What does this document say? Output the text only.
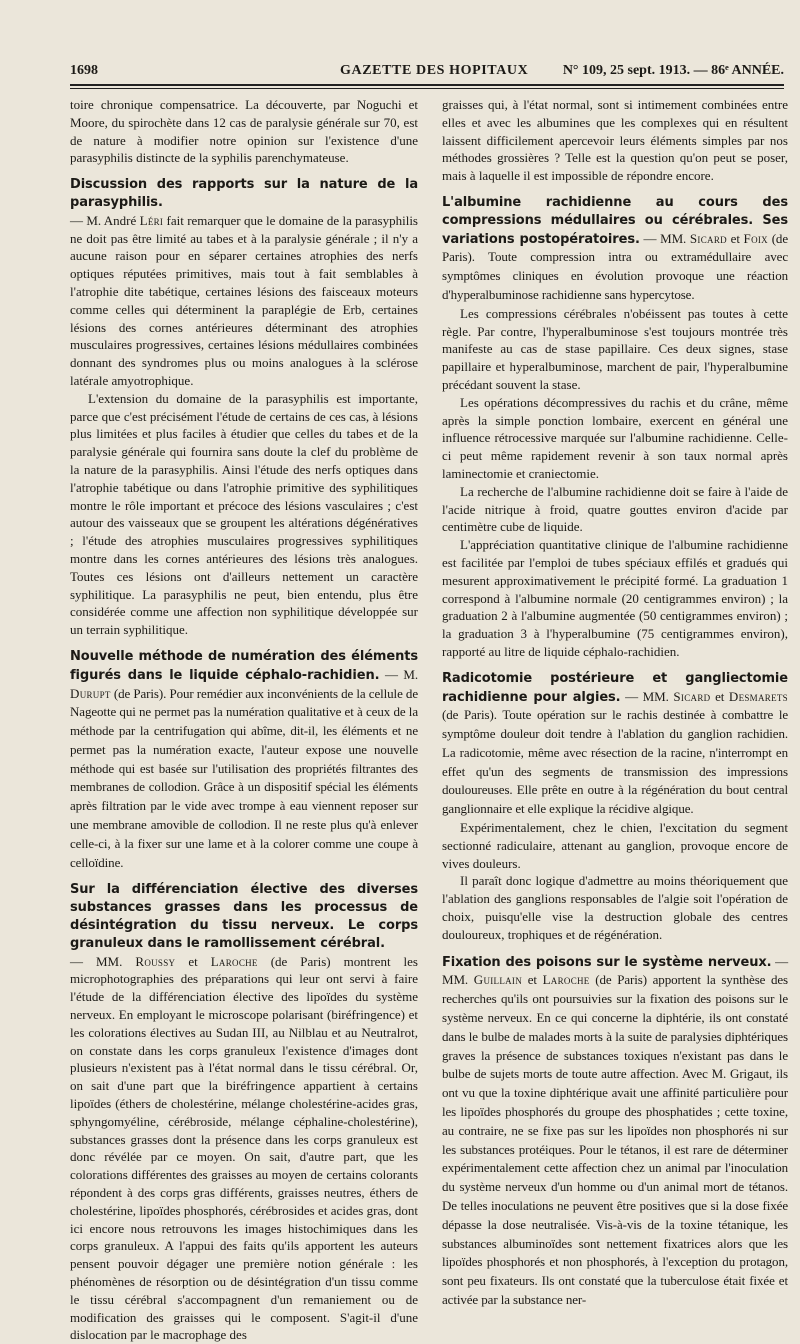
1698	GAZETTE DES HOPITAUX N° 109, 25 sept. 1913. — 86ᵉ ANNÉE.

toire chronique compensatrice. La découverte, par Noguchi et Moore, du spirochète dans 12 cas de paralysie générale sur 70, est de nature à modifier notre opinion sur l'existence d'une parasyphilis distincte de la syphilis parenchymateuse.

Discussion des rapports sur la nature de la parasyphilis.

— M. André Léri fait remarquer que le domaine de la parasyphilis ne doit pas être limité au tabes et à la paralysie générale ; il n'y a aucune raison pour en séparer certaines atrophies des nerfs optiques réputées primitives, mais tout à fait semblables à l'atrophie dite tabétique, certaines lésions des faisceaux moteurs comme celles qui déterminent la paraplégie de Erb, certaines lésions des cornes antérieures déterminant des atrophies musculaires progressives, certaines lésions médullaires combinées donnant des syndromes plus ou moins analogues à la sclérose latérale amyotrophique.

L'extension du domaine de la parasyphilis est importante, parce que c'est précisément l'étude de certains de ces cas, à lésions plus limitées et plus faciles à étudier que celles du tabes et de la paralysie générale qui fournira sans doute la clef du problème de la nature de la parasyphilis. Ainsi l'étude des nerfs optiques dans l'atrophie tabétique ou dans l'atrophie primitive des syphilitiques montre le rôle important et précoce des lésions vasculaires ; c'est autour des vaisseaux que se groupent les altérations dégénératives ; l'étude des atrophies musculaires progressives syphilitiques montre dans les cornes antérieures des lésions très analogues. Toutes ces lésions ont d'ailleurs nettement un caractère syphilitique. La parasyphilis ne peut, bien entendu, plus être considérée comme une affection non syphilitique développée sur un terrain syphilitique.

Nouvelle méthode de numération des éléments figurés dans le liquide céphalo-rachidien. — M. Durupt (de Paris). Pour remédier aux inconvénients de la cellule de Nageotte qui ne permet pas la numération qualitative et à ceux de la méthode par la centrifugation qui abîme, dit-il, les éléments et ne permet pas la numération exacte, l'auteur expose une nouvelle méthode qui est basée sur l'utilisation des propriétés filtrantes des membranes de collodion. Grâce à un dispositif spécial les éléments après filtration par le vide avec trompe à eau viennent reposer sur une membrane amovible de collodion. Il ne reste plus qu'à enlever celle-ci, à la fixer sur une lame et à la colorer comme une coupe à celloïdine.
Sur la différenciation élective des diverses substances grasses dans les processus de désintégration du tissu nerveux. Le corps granuleux dans le ramollissement cérébral.

— MM. Roussy et Laroche (de Paris) montrent les microphotographies des préparations qui leur ont servi à faire l'étude de la différenciation élective des lipoïdes du système nerveux. En employant le microscope polarisant (biréfringence) et les colorations électives au Sudan III, au Nilblau et au Neutralrot, on constate dans les corps granuleux l'existence d'images dont plusieurs n'existent pas à l'état normal dans le tissu cérébral. Or, on sait d'une part que la biréfringence appartient à certains lipoïdes (éthers de cholestérine, mélange cholestérine-acides gras, sphyngomyéline, cérébroside, mélange céphaline-cholestérine), substances grasses dont la présence dans les corps granuleux est donc révélée par ce moyen. On sait, d'autre part, que les colorations différentes des graisses au moyen de certains colorants répondent à des corps gras différents, graisses neutres, éthers de cholestérine, lipoïdes phosphorés, cérébrosides et acides gras, dont ici encore nous retrouvons les images histochimiques dans les corps granuleux. A l'appui des faits qu'ils apportent les auteurs pensent pouvoir dégager une première notion générale : les phénomènes de résorption ou de désintégration d'un tissu comme le tissu cérébral s'accompagnent d'un remaniement ou de modification des graisses qui le composent. S'agit-il d'une dislocation par le macrophage des

graisses qui, à l'état normal, sont si intimement combinées entre elles et avec les albumines que les complexes qui en résultent laissent difficilement apercevoir leurs éléments simples par nos méthodes grossières ? Telle est la question qu'on peut se poser, mais à laquelle il est impossible de répondre encore.

L'albumine rachidienne au cours des compressions médullaires ou cérébrales. Ses variations postopératoires. — MM. Sicard et Foix (de Paris). Toute compression intra ou extramédullaire avec symptômes cliniques en évolution provoque une réaction d'hyperalbuminose rachidienne sans hypercytose.

Les compressions cérébrales n'obéissent pas toutes à cette règle. Par contre, l'hyperalbuminose s'est toujours montrée très manifeste au cas de stase papillaire. Ces deux signes, stase papillaire et hyperalbuminose, marchent de pair, l'hyperalbumine précédant souvent la stase.

Les opérations décompressives du rachis et du crâne, même après la simple ponction lombaire, exercent en général une influence rétrocessive marquée sur l'albumine rachidienne. Celle-ci peut même rapidement revenir à son taux normal après laminectomie et craniectomie.

La recherche de l'albumine rachidienne doit se faire à l'aide de l'acide nitrique à froid, quatre gouttes environ d'acide par centimètre cube de liquide.

L'appréciation quantitative clinique de l'albumine rachidienne est facilitée par l'emploi de tubes spéciaux effilés et gradués qui mesurent approximativement le précipité formé. La graduation 1 correspond à l'albumine normale (20 centigrammes environ) ; la graduation 2 à l'albumine augmentée (50 centigrammes environ) ; la graduation 3 à l'hyperalbumine (75 centigrammes environ), rapporté au litre de liquide céphalo-rachidien.

Radicotomie postérieure et gangliectomie rachidienne pour algies. — MM. Sicard et Desmarets (de Paris). Toute opération sur le rachis destinée à combattre le symptôme douleur doit tendre à l'ablation du ganglion rachidien. La radicotomie, même avec résection de la racine, n'interrompt en effet qu'un des segments de transmission des impressions douloureuses. Elle prête en outre à la régénération du bout central ganglionnaire et elle explique la récidive algique.

Expérimentalement, chez le chien, l'excitation du segment sectionné radiculaire, attenant au ganglion, provoque encore de vives douleurs.

Il paraît donc logique d'admettre au moins théoriquement que l'ablation des ganglions responsables de l'algie soit l'opération de choix, puisqu'elle vise la destruction globale des centres douloureux, trophiques et de régénération.

Fixation des poisons sur le système nerveux. — MM. Guillain et Laroche (de Paris) apportent la synthèse des recherches qu'ils ont poursuivies sur la fixation des poisons sur le système nerveux. En ce qui concerne la diphtérie, ils ont constaté dans le bulbe de malades morts à la suite de paralysies diphtériques graves la présence de substances toxiques n'existant pas dans le bulbe de sujets morts de toute autre affection. Avec M. Grigaut, ils ont vu que la toxine diphtérique avait une affinité particulière pour les lipoïdes phosphorés du groupe des phosphatides ; cette toxine, au contraire, ne se fixe pas sur les lipoïdes non phosphorés ni sur les substances protéiques. Pour le tétanos, il est rare de déterminer expérimentalement cette affection chez un animal par l'inoculation du système nerveux d'un homme ou d'un animal mort de tétanos. De telles inoculations ne peuvent être positives que si la dose fixée dépasse la dose neutralisée. Vis-à-vis de la toxine tétanique, les substances albuminoïdes sont nettement fixatrices alors que les lipoïdes phosphorés et non phosphorés, à l'exception du protagon, sont peu fixateurs. Ils ont constaté que la tuberculose était fixée et activée par la substance ner-
